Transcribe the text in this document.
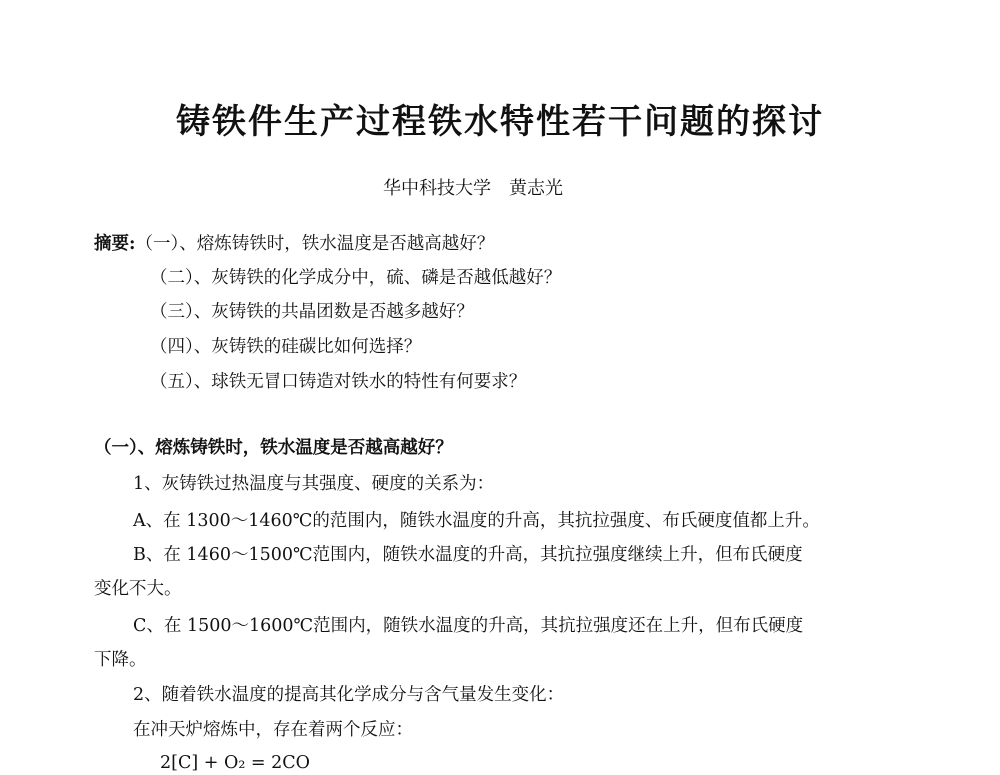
铸铁件生产过程铁水特性若干问题的探讨
华中科技大学　黄志光
摘要:（一）、熔炼铸铁时，铁水温度是否越高越好？
（二）、灰铸铁的化学成分中，硫、磷是否越低越好？
（三）、灰铸铁的共晶团数是否越多越好？
（四）、灰铸铁的硅碳比如何选择？
（五）、球铁无冒口铸造对铁水的特性有何要求？
（一）、熔炼铸铁时，铁水温度是否越高越好？
1、灰铸铁过热温度与其强度、硬度的关系为：
A、在 1300～1460℃的范围内，随铁水温度的升高，其抗拉强度、布氏硬度值都上升。
B、在 1460～1500℃范围内，随铁水温度的升高，其抗拉强度继续上升，但布氏硬度
变化不大。
C、在 1500～1600℃范围内，随铁水温度的升高，其抗拉强度还在上升，但布氏硬度
下降。
2、随着铁水温度的提高其化学成分与含气量发生变化：
在冲天炉熔炼中，存在着两个反应：
2[C] + O₂ = 2CO
